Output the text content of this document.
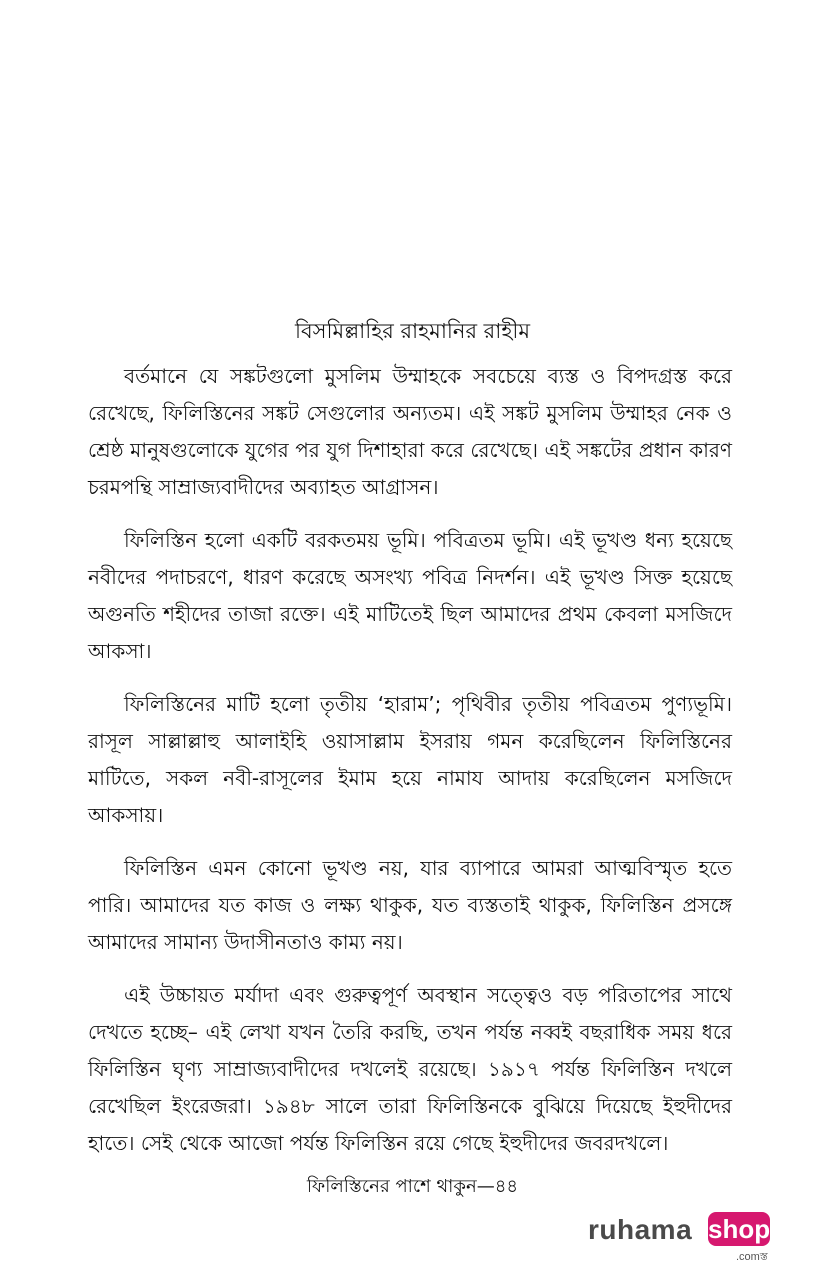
বিসমিল্লাহির রাহমানির রাহীম

বর্তমানে যে সঙ্কটগুলো মুসলিম উম্মাহকে সবচেয়ে ব্যস্ত ও বিপদগ্রস্ত করে রেখেছে, ফিলিস্তিনের সঙ্কট সেগুলোর অন্যতম। এই সঙ্কট মুসলিম উম্মাহর নেক ও শ্রেষ্ঠ মানুষগুলোকে যুগের পর যুগ দিশাহারা করে রেখেছে। এই সঙ্কটের প্রধান কারণ চরমপন্থি সাম্রাজ্যবাদীদের অব্যাহত আগ্রাসন।

ফিলিস্তিন হলো একটি বরকতময় ভূমি। পবিত্রতম ভূমি। এই ভূখণ্ড ধন্য হয়েছে নবীদের পদাচরণে, ধারণ করেছে অসংখ্য পবিত্র নিদর্শন। এই ভূখণ্ড সিক্ত হয়েছে অগুনতি শহীদের তাজা রক্তে। এই মাটিতেই ছিল আমাদের প্রথম কেবলা মসজিদে আকসা।

ফিলিস্তিনের মাটি হলো তৃতীয় ‘হারাম’; পৃথিবীর তৃতীয় পবিত্রতম পুণ্যভূমি। রাসূল সাল্লাল্লাহু আলাইহি ওয়াসাল্লাম ইসরায় গমন করেছিলেন ফিলিস্তিনের মাটিতে, সকল নবী-রাসূলের ইমাম হয়ে নামায আদায় করেছিলেন মসজিদে আকসায়।

ফিলিস্তিন এমন কোনো ভূখণ্ড নয়, যার ব্যাপারে আমরা আত্মবিস্মৃত হতে পারি। আমাদের যত কাজ ও লক্ষ্য থাকুক, যত ব্যস্ততাই থাকুক, ফিলিস্তিন প্রসঙ্গে আমাদের সামান্য উদাসীনতাও কাম্য নয়।

এই উচ্চায়ত মর্যাদা এবং গুরুত্বপূর্ণ অবস্থান সত্ত্বেও বড় পরিতাপের সাথে দেখতে হচ্ছে– এই লেখা যখন তৈরি করছি, তখন পর্যন্ত নব্বই বছরাধিক সময় ধরে ফিলিস্তিন ঘৃণ্য সাম্রাজ্যবাদীদের দখলেই রয়েছে। ১৯১৭ পর্যন্ত ফিলিস্তিন দখলে রেখেছিল ইংরেজরা। ১৯৪৮ সালে তারা ফিলিস্তিনকে বুঝিয়ে দিয়েছে ইহুদীদের হাতে। সেই থেকে আজো পর্যন্ত ফিলিস্তিন রয়ে গেছে ইহুদীদের জবরদখলে।

ফিলিস্তিনের পাশে থাকুন—৪৪
ruhama shop
.comস্ত
